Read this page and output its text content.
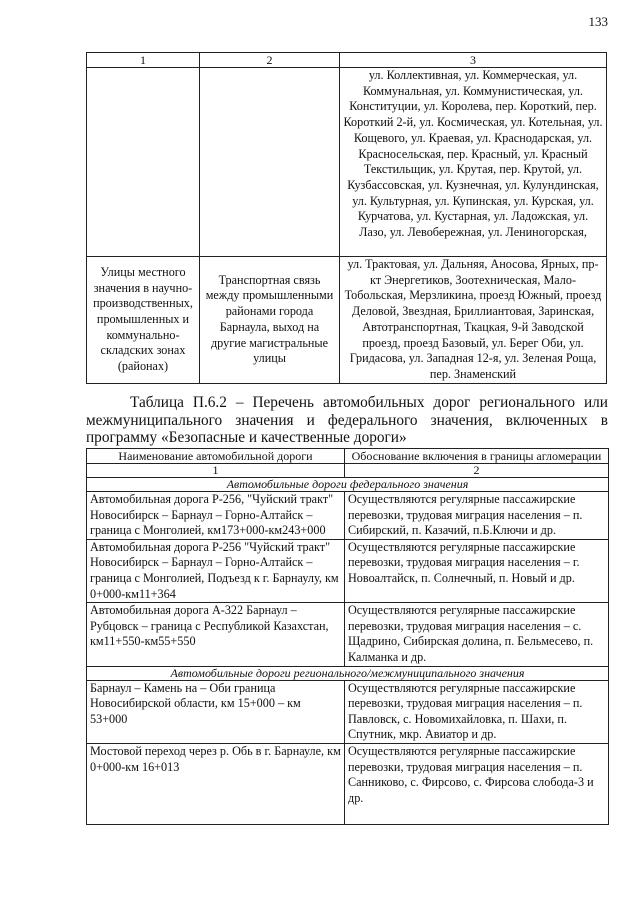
133
1	2	3
		ул. Коллективная, ул. Коммерческая, ул. Коммунальная, ул. Коммунистическая, ул. Конституции, ул. Королева, пер. Короткий, пер. Короткий 2-й, ул. Космическая, ул. Котельная, ул. Кощевого, ул. Краевая, ул. Краснодарская, ул. Красносельская, пер. Красный, ул. Красный Текстильщик, ул. Крутая, пер. Крутой, ул. Кузбассовская, ул. Кузнечная, ул. Кулундинская, ул. Культурная, ул. Купинская, ул. Курская, ул. Курчатова, ул. Кустарная, ул. Ладожская, ул. Лазо, ул. Левобережная, ул. Лениногорская,
Улицы местного значения в научно-производственных, промышленных и коммунально-складских зонах (районах)	Транспортная связь между промышленными районами города Барнаула, выход на другие магистральные улицы	ул. Трактовая, ул. Дальняя, Аносова, Ярных, пр-кт Энергетиков, Зоотехническая, Мало-Тобольская, Мерзликина, проезд Южный, проезд Деловой, Звездная, Бриллиантовая, Заринская, Автотранспортная, Ткацкая, 9-й Заводской проезд, проезд Базовый, ул. Берег Оби, ул. Гридасова, ул. Западная 12-я, ул. Зеленая Роща, пер. Знаменский
Таблица П.6.2 – Перечень автомобильных дорог регионального или межмуниципального значения и федерального значения, включенных в программу «Безопасные и качественные дороги»
Наименование автомобильной дороги	Обоснование включения в границы агломерации
1	2
Автомобильные дороги федерального значения	
Автомобильная дорога Р-256, "Чуйский тракт" Новосибирск – Барнаул – Горно-Алтайск – граница с Монголией, км173+000-км243+000	Осуществляются регулярные пассажирские перевозки, трудовая миграция населения – п. Сибирский, п. Казачий, п.Б.Ключи и др.
Автомобильная дорога Р-256 "Чуйский тракт" Новосибирск – Барнаул – Горно-Алтайск – граница с Монголией, Подъезд к г. Барнаулу, км 0+000-км11+364	Осуществляются регулярные пассажирские перевозки, трудовая миграция населения – г. Новоалтайск, п. Солнечный, п. Новый и др.
Автомобильная дорога А-322 Барнаул – Рубцовск – граница с Республикой Казахстан, км11+550-км55+550	Осуществляются регулярные пассажирские перевозки, трудовая миграция населения – с. Щадрино, Сибирская долина, п. Бельмесево, п. Калманка и др.
Автомобильные дороги регионального/межмуниципального значения	
Барнаул – Камень на – Оби граница Новосибирской области, км 15+000 – км 53+000	Осуществляются регулярные пассажирские перевозки, трудовая миграция населения – п. Павловск, с. Новомихайловка, п. Шахи, п. Спутник, мкр. Авиатор и др.
Мостовой переход через р. Обь в г. Барнауле, км 0+000-км 16+013	Осуществляются регулярные пассажирские перевозки, трудовая миграция населения – п. Санниково, с. Фирсово, с. Фирсова слобода-3 и др.
